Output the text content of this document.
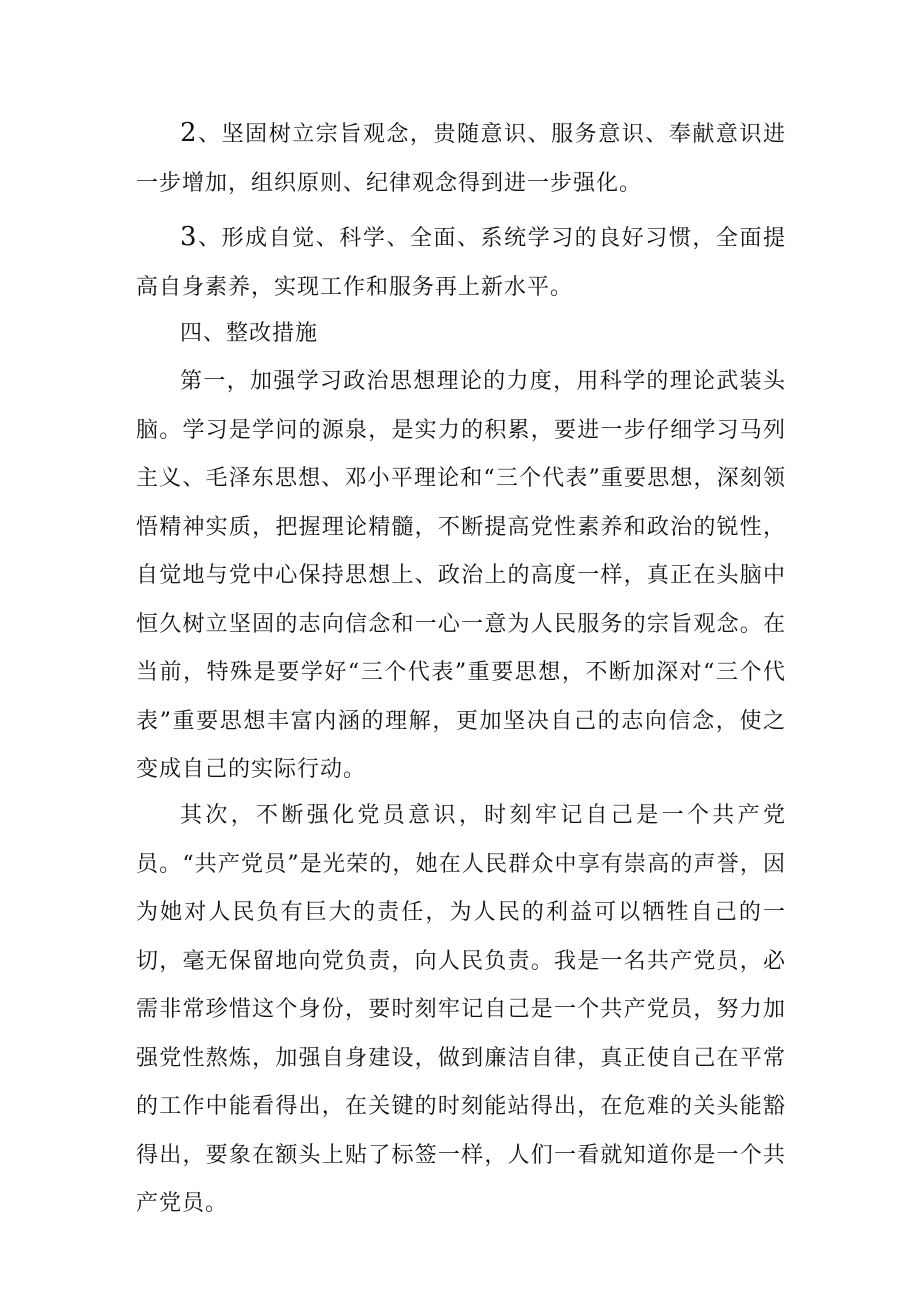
2、坚固树立宗旨观念，贵随意识、服务意识、奉献意识进一步增加，组织原则、纪律观念得到进一步强化。

3、形成自觉、科学、全面、系统学习的良好习惯，全面提高自身素养，实现工作和服务再上新水平。

四、整改措施

第一，加强学习政治思想理论的力度，用科学的理论武装头脑。学习是学问的源泉，是实力的积累，要进一步仔细学习马列主义、毛泽东思想、邓小平理论和“三个代表”重要思想，深刻领悟精神实质，把握理论精髓，不断提高党性素养和政治的锐性，自觉地与党中心保持思想上、政治上的高度一样，真正在头脑中恒久树立坚固的志向信念和一心一意为人民服务的宗旨观念。在当前，特殊是要学好“三个代表”重要思想，不断加深对“三个代表”重要思想丰富内涵的理解，更加坚决自己的志向信念，使之变成自己的实际行动。

其次，不断强化党员意识，时刻牢记自己是一个共产党员。“共产党员”是光荣的，她在人民群众中享有崇高的声誉，因为她对人民负有巨大的责任，为人民的利益可以牺牲自己的一切，毫无保留地向党负责，向人民负责。我是一名共产党员，必需非常珍惜这个身份，要时刻牢记自己是一个共产党员，努力加强党性熬炼，加强自身建设，做到廉洁自律，真正使自己在平常的工作中能看得出，在关键的时刻能站得出，在危难的关头能豁得出，要象在额头上贴了标签一样，人们一看就知道你是一个共产党员。
